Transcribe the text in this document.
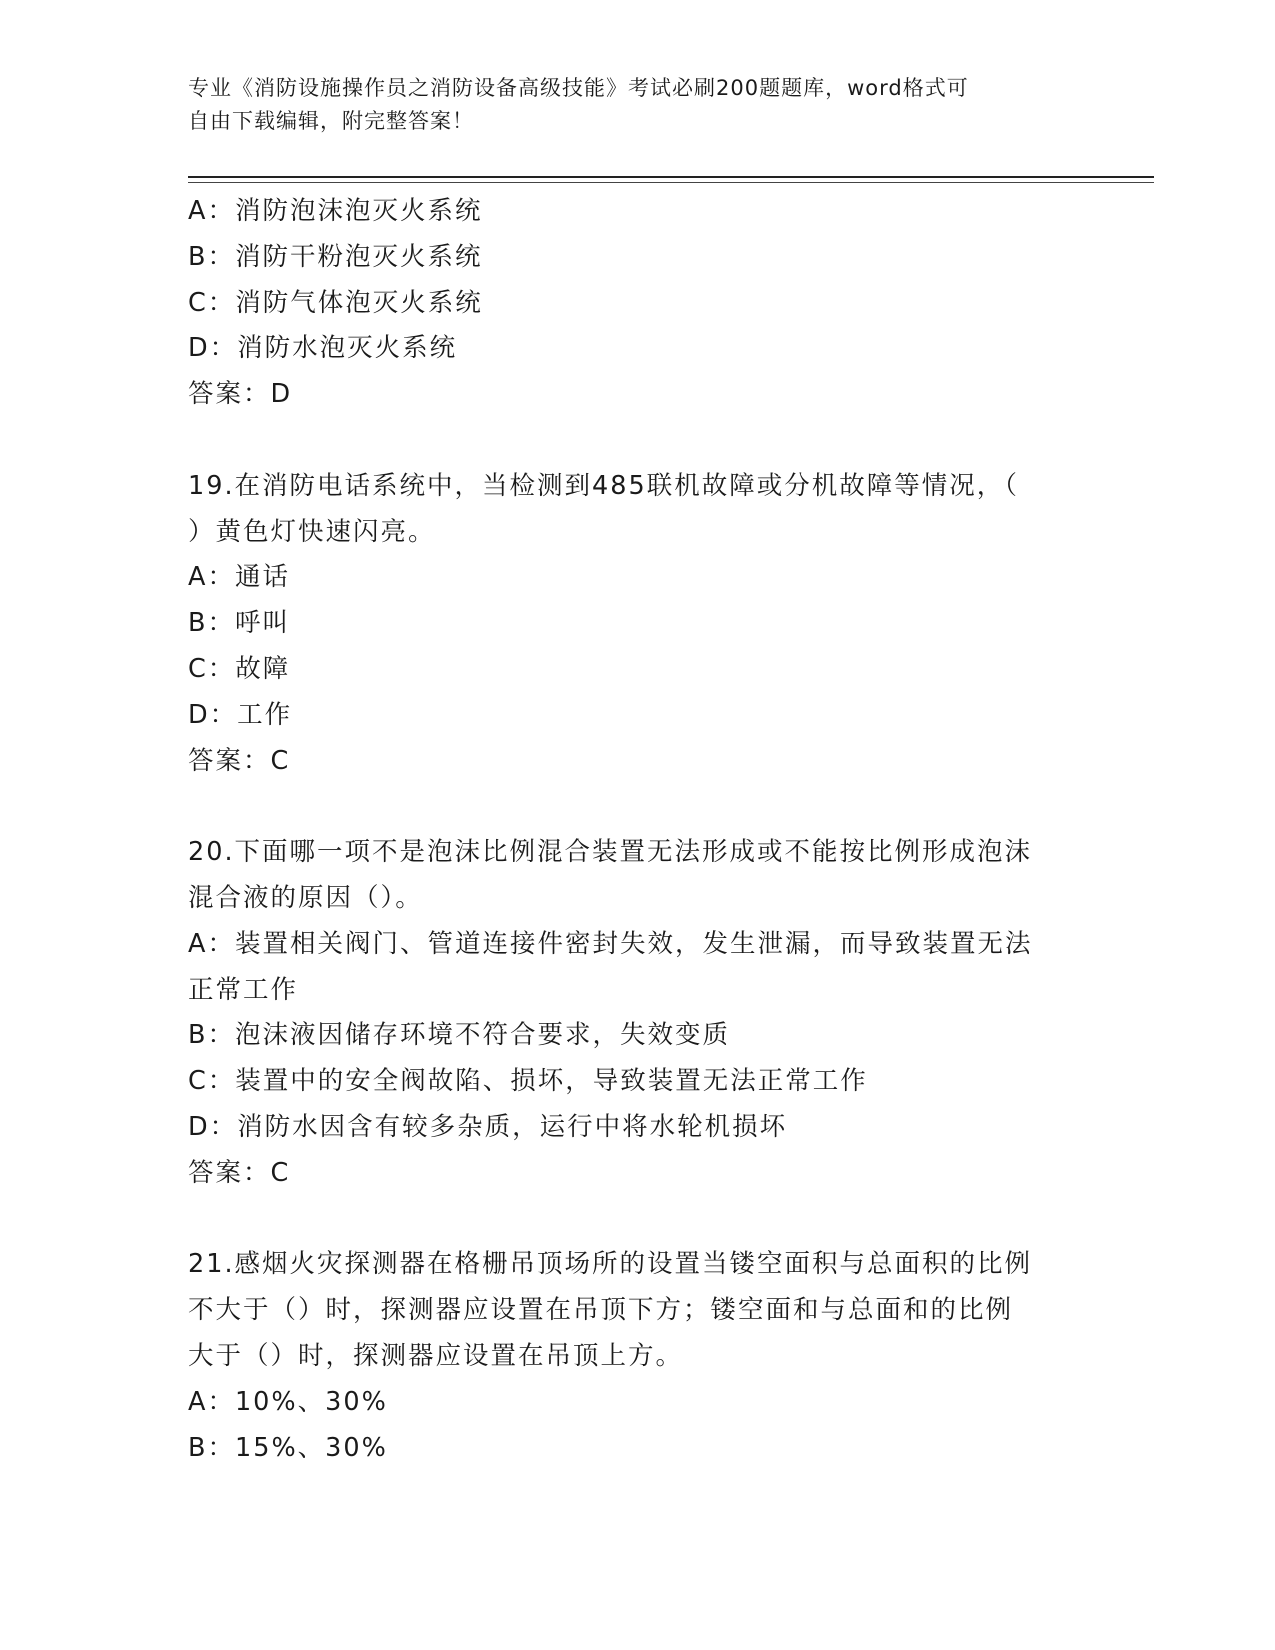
专业《消防设施操作员之消防设备高级技能》考试必刷200题题库，word格式可
自由下载编辑，附完整答案！
A：消防泡沫泡灭火系统
B：消防干粉泡灭火系统
C：消防气体泡灭火系统
D：消防水泡灭火系统
答案：D
19.在消防电话系统中，当检测到485联机故障或分机故障等情况，（
）黄色灯快速闪亮。
A：通话
B：呼叫
C：故障
D：工作
答案：C
20.下面哪一项不是泡沫比例混合装置无法形成或不能按比例形成泡沫
混合液的原因（）。
A：装置相关阀门、管道连接件密封失效，发生泄漏，而导致装置无法
正常工作
B：泡沫液因储存环境不符合要求，失效变质
C：装置中的安全阀故陷、损坏，导致装置无法正常工作
D：消防水因含有较多杂质，运行中将水轮机损坏
答案：C
21.感烟火灾探测器在格栅吊顶场所的设置当镂空面积与总面积的比例
不大于（）时，探测器应设置在吊顶下方；镂空面和与总面和的比例
大于（）时，探测器应设置在吊顶上方。
A：10%、30%
B：15%、30%
